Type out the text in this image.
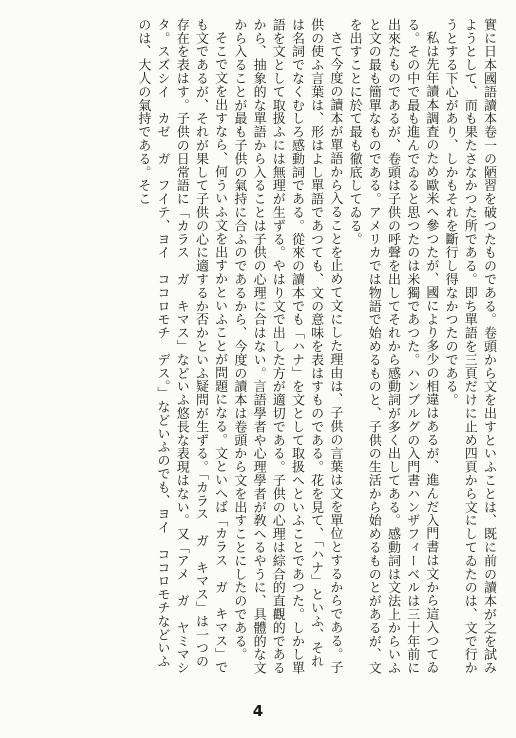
實に日本國語讀本卷一の陋習を破つたものである。卷頭から文を出すといふことは、既に前の讀本が之を試みようとして、而も果たさなかつた所である。即ち單語を三頁だけに止め四頁から文にしてゐたのは、文で行かうとする下心があり、しかもそれを斷行し得なかつたのである。

私は先年讀本調査のため歐米へ參つたが、國により多少の相違はあるが、進んだ入門書は文から這入つてゐる。その中で最も進んでゐると思つたのは米獨であつた。ハンブルグの入門書ハンザフィーベルは三十年前に出來たものであるが、卷頭は子供の呼聲を出してそれから感動詞が多く出してある。感動詞は文法上からいふと文の最も簡單なものである。アメリカでは物語で始めるものと、子供の生活から始めるものとがあるが、文を出すことに於て最も徹底してゐる。

さて今度の讀本が單語から入ることを止めて文にした理由は、子供の言葉は文を單位とするからである。子供の使ふ言葉は、形はよし單語であつても、文の意味を表はすものである。花を見て、「ハナ」といふ、それは名詞でなくむしろ感動詞である。從來の讀本でも「ハナ」を文として取扱へといふことであつた。しかし單語を文として取扱ふには無理が生ずる。やはり文で出した方が適切である。子供の心理は綜合的直觀的であるから、抽象的な單語から入ることは子供の心理に合はない。言語學者や心理學者が敎へるやうに、具體的な文から入ることが最も子供の氣持に合ふのであるから、今度の讀本は卷頭から文を出すことにしたのである。

そこで文を出すなら、何ういふ文を出すかといふことが問題になる。文といへば「カラス　ガ　キマス」でも文であるが、それが果して子供の心に適するか否かといふ疑問が生ずる。「カラス　ガ　キマス」は一つの存在を表はす。子供の日常語に「カラス　ガ　キマス」などいふ悠長な表現はない。又「アメ　ガ　ヤミマシタ。スズシイ　カゼ　ガ　フイテ、ヨイ　ココロモチ　デス。」などいふのでも、ヨイ　ココロモチなどいふのは、大人の氣持である。そこ

4
